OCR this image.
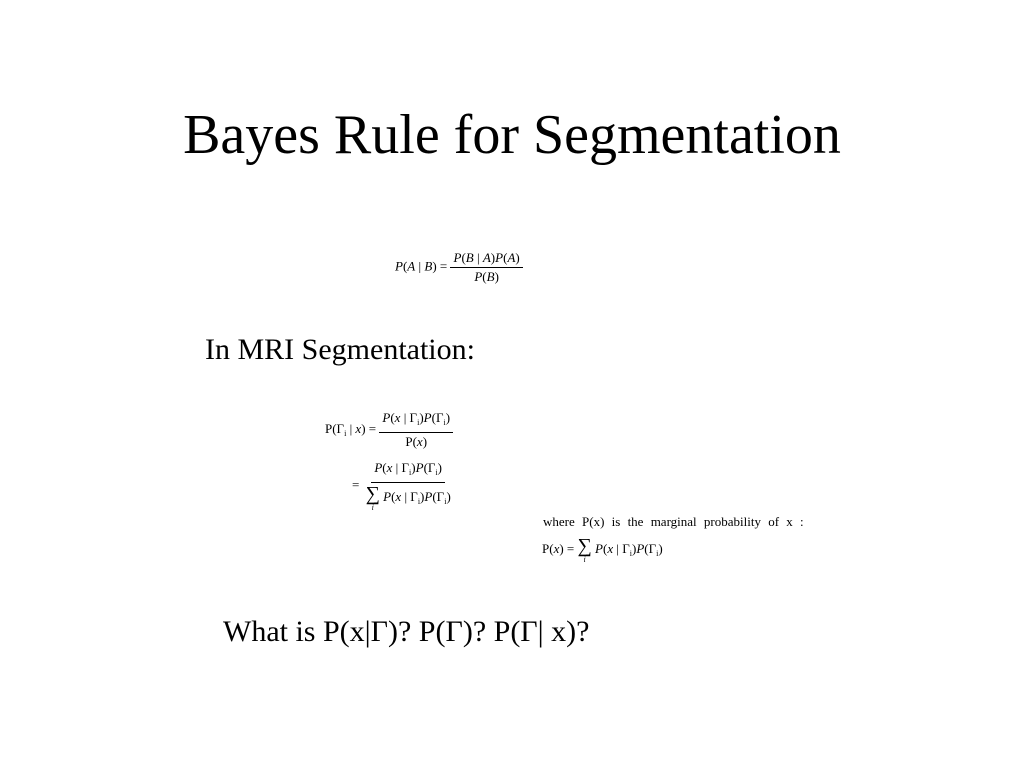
Bayes Rule for Segmentation
P(A | $B) = \frac{P(B | A)P(A)}{P(B)}$
In MRI Segmentation:
$P(\Gamma_i$ | $x) = \frac{P(x | \Gamma_i)P(\Gamma_i)}{P(x)}$
= P(x | $\Gamma_i)P(\Gamma_i)$
∑
i
P(x | $\Gamma_i)P(\Gamma_i)$
where P(x) is the marginal probability of x :
P(x) = ∑
i
P(x | $\Gamma_i)P(\Gamma_i)$
What is P(x|Γ)? P(Γ)? P(Γ| x)?
